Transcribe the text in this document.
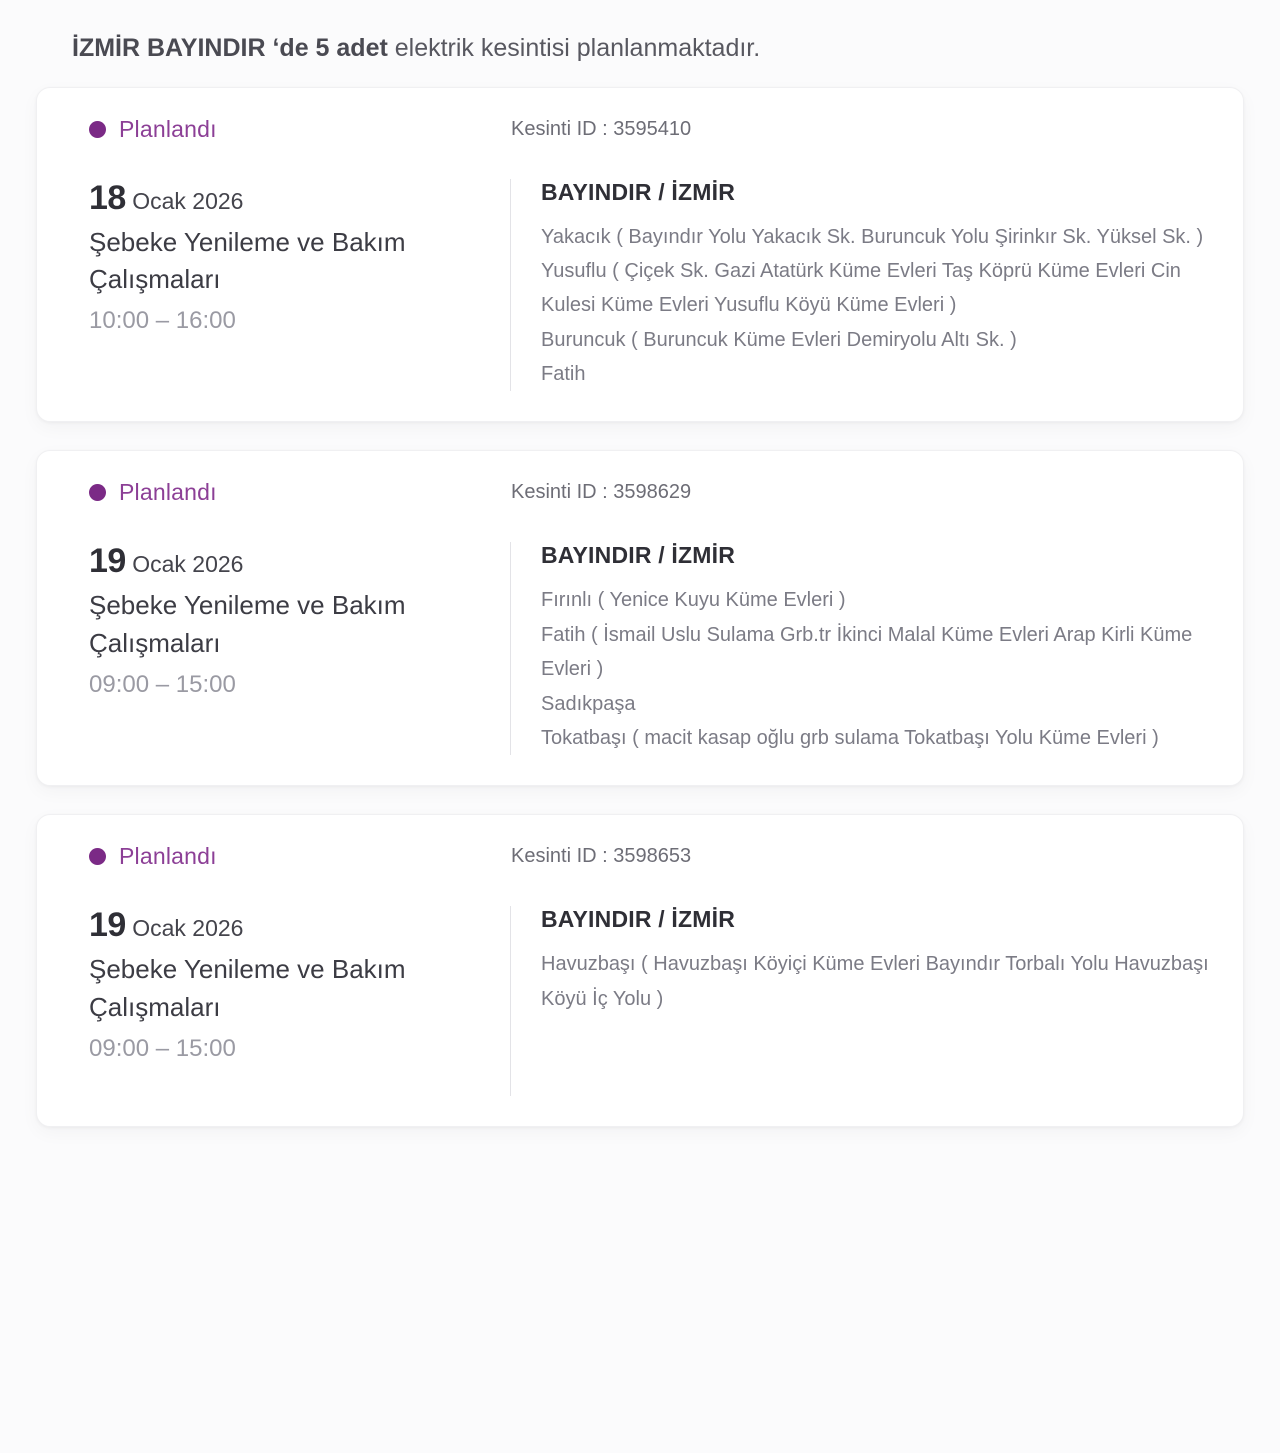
İZMİR BAYINDIR ‘de 5 adet elektrik kesintisi planlanmaktadır.
Planlandı	Kesinti ID : 3595410
18 Ocak 2026
Şebeke Yenileme ve Bakım Çalışmaları
10:00 – 16:00
BAYINDIR / İZMİR
Yakacık ( Bayındır Yolu Yakacık Sk. Buruncuk Yolu Şirinkır Sk. Yüksel Sk. )
Yusuflu ( Çiçek Sk. Gazi Atatürk Küme Evleri Taş Köprü Küme Evleri Cin Kulesi Küme Evleri Yusuflu Köyü Küme Evleri )
Buruncuk ( Buruncuk Küme Evleri Demiryolu Altı Sk. )
Fatih
Planlandı	Kesinti ID : 3598629
19 Ocak 2026
Şebeke Yenileme ve Bakım Çalışmaları
09:00 – 15:00
BAYINDIR / İZMİR
Fırınlı ( Yenice Kuyu Küme Evleri )
Fatih ( İsmail Uslu Sulama Grb.tr İkinci Malal Küme Evleri Arap Kirli Küme Evleri )
Sadıkpaşa
Tokatbaşı ( macit kasap oğlu grb sulama Tokatbaşı Yolu Küme Evleri )
Planlandı	Kesinti ID : 3598653
19 Ocak 2026
Şebeke Yenileme ve Bakım Çalışmaları
09:00 – 15:00
BAYINDIR / İZMİR
Havuzbaşı ( Havuzbaşı Köyiçi Küme Evleri Bayındır Torbalı Yolu Havuzbaşı Köyü İç Yolu )
